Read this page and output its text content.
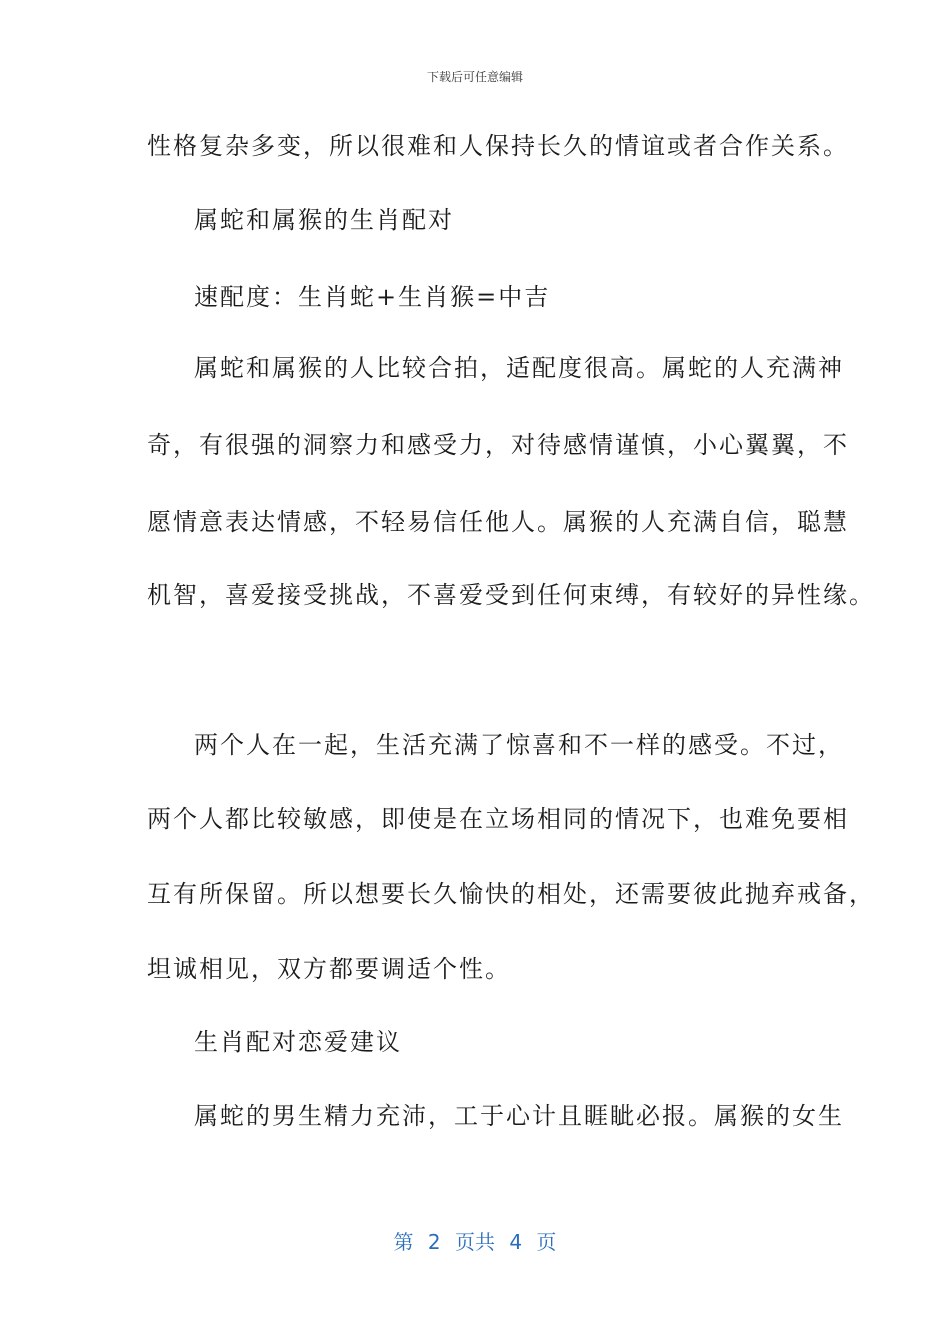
下载后可任意编辑
性格复杂多变，所以很难和人保持长久的情谊或者合作关系。
属蛇和属猴的生肖配对
速配度：生肖蛇+生肖猴=中吉
属蛇和属猴的人比较合拍，适配度很高。属蛇的人充满神
奇，有很强的洞察力和感受力，对待感情谨慎，小心翼翼，不
愿情意表达情感，不轻易信任他人。属猴的人充满自信，聪慧
机智，喜爱接受挑战，不喜爱受到任何束缚，有较好的异性缘。
两个人在一起，生活充满了惊喜和不一样的感受。不过，
两个人都比较敏感，即使是在立场相同的情况下，也难免要相
互有所保留。所以想要长久愉快的相处，还需要彼此抛弃戒备，
坦诚相见，双方都要调适个性。
生肖配对恋爱建议
属蛇的男生精力充沛，工于心计且睚眦必报。属猴的女生
第 2 页共 4 页
